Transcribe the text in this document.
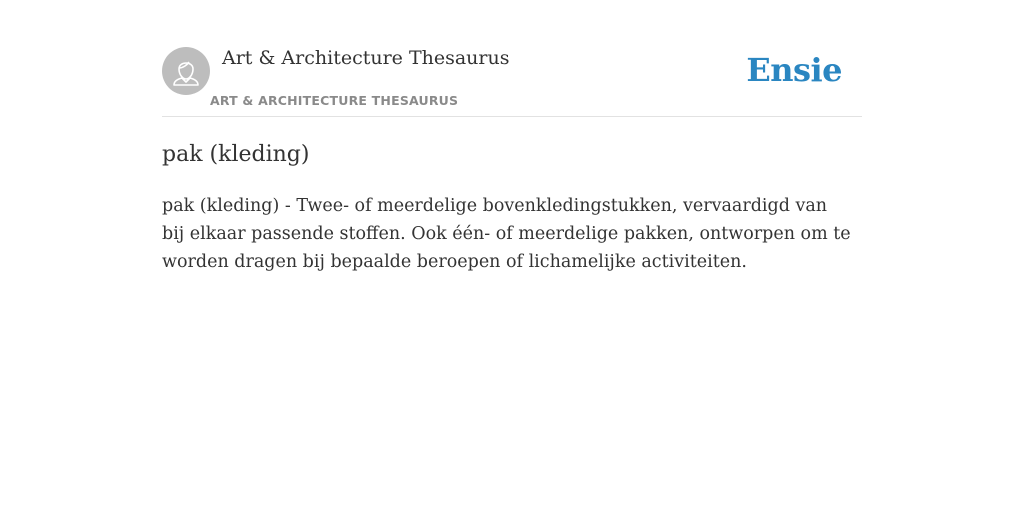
Art & Architecture Thesaurus
ART & ARCHITECTURE THESAURUS
Ensie
pak (kleding)

pak (kleding) - Twee- of meerdelige bovenkledingstukken, vervaardigd van bij elkaar passende stoffen. Ook één- of meerdelige pakken, ontworpen om te worden dragen bij bepaalde beroepen of lichamelijke activiteiten.
